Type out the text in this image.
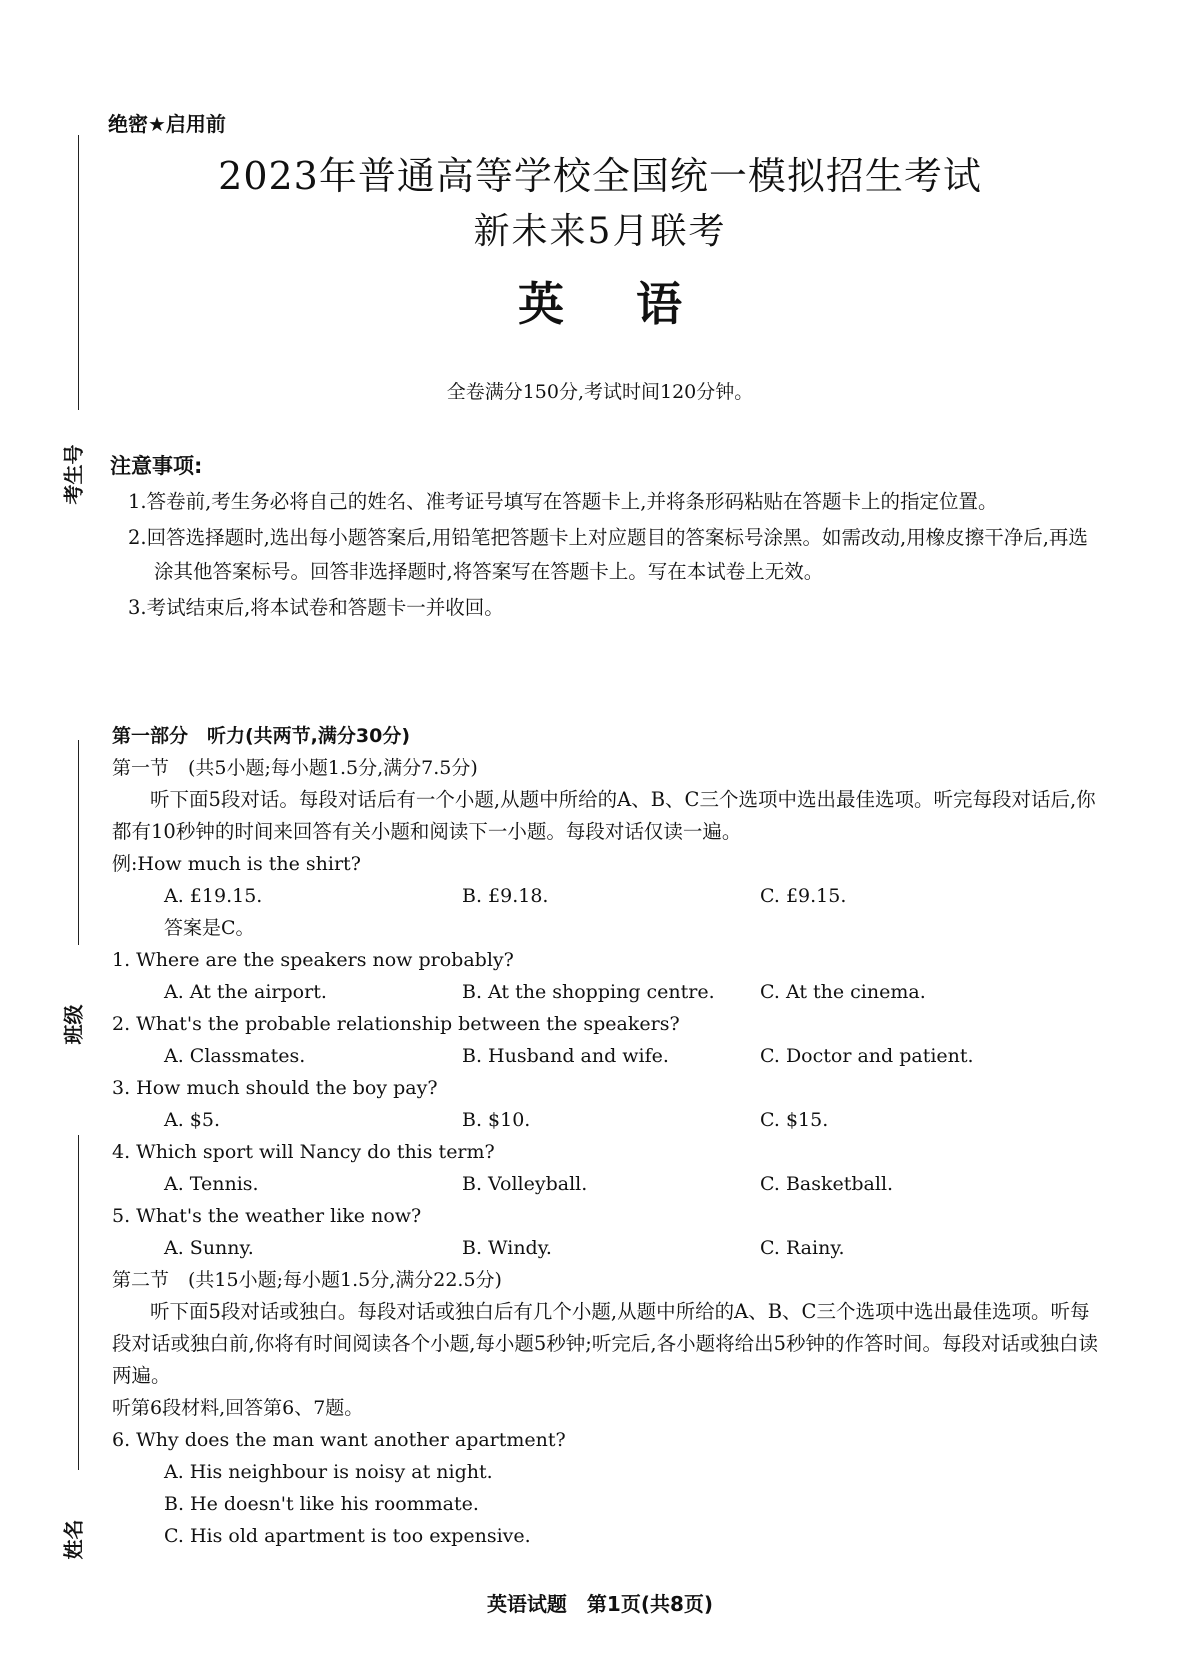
考生号
班级
姓名
绝密★启用前
2023年普通高等学校全国统一模拟招生考试
新未来5月联考
英语
全卷满分150分,考试时间120分钟。
注意事项:
1.答卷前,考生务必将自己的姓名、准考证号填写在答题卡上,并将条形码粘贴在答题卡上的指定位置。
2.回答选择题时,选出每小题答案后,用铅笔把答题卡上对应题目的答案标号涂黑。如需改动,用橡皮擦干净后,再选涂其他答案标号。回答非选择题时,将答案写在答题卡上。写在本试卷上无效。
3.考试结束后,将本试卷和答题卡一并收回。
第一部分　听力(共两节,满分30分)
第一节　(共5小题;每小题1.5分,满分7.5分)
听下面5段对话。每段对话后有一个小题,从题中所给的A、B、C三个选项中选出最佳选项。听完每段对话后,你都有10秒钟的时间来回答有关小题和阅读下一小题。每段对话仅读一遍。
例:How much is the shirt?
A. £19.15.	B. £9.18.	C. £9.15.
答案是C。
1. Where are the speakers now probably?
A. At the airport.	B. At the shopping centre.	C. At the cinema.
2. What's the probable relationship between the speakers?
A. Classmates.	B. Husband and wife.	C. Doctor and patient.
3. How much should the boy pay?
A. $5.	B. $10.	C. $15.
4. Which sport will Nancy do this term?
A. Tennis.	B. Volleyball.	C. Basketball.
5. What's the weather like now?
A. Sunny.	B. Windy.	C. Rainy.
第二节　(共15小题;每小题1.5分,满分22.5分)
听下面5段对话或独白。每段对话或独白后有几个小题,从题中所给的A、B、C三个选项中选出最佳选项。听每段对话或独白前,你将有时间阅读各个小题,每小题5秒钟;听完后,各小题将给出5秒钟的作答时间。每段对话或独白读两遍。
听第6段材料,回答第6、7题。
6. Why does the man want another apartment?
A. His neighbour is noisy at night.
B. He doesn't like his roommate.
C. His old apartment is too expensive.
英语试题　第1页(共8页)
